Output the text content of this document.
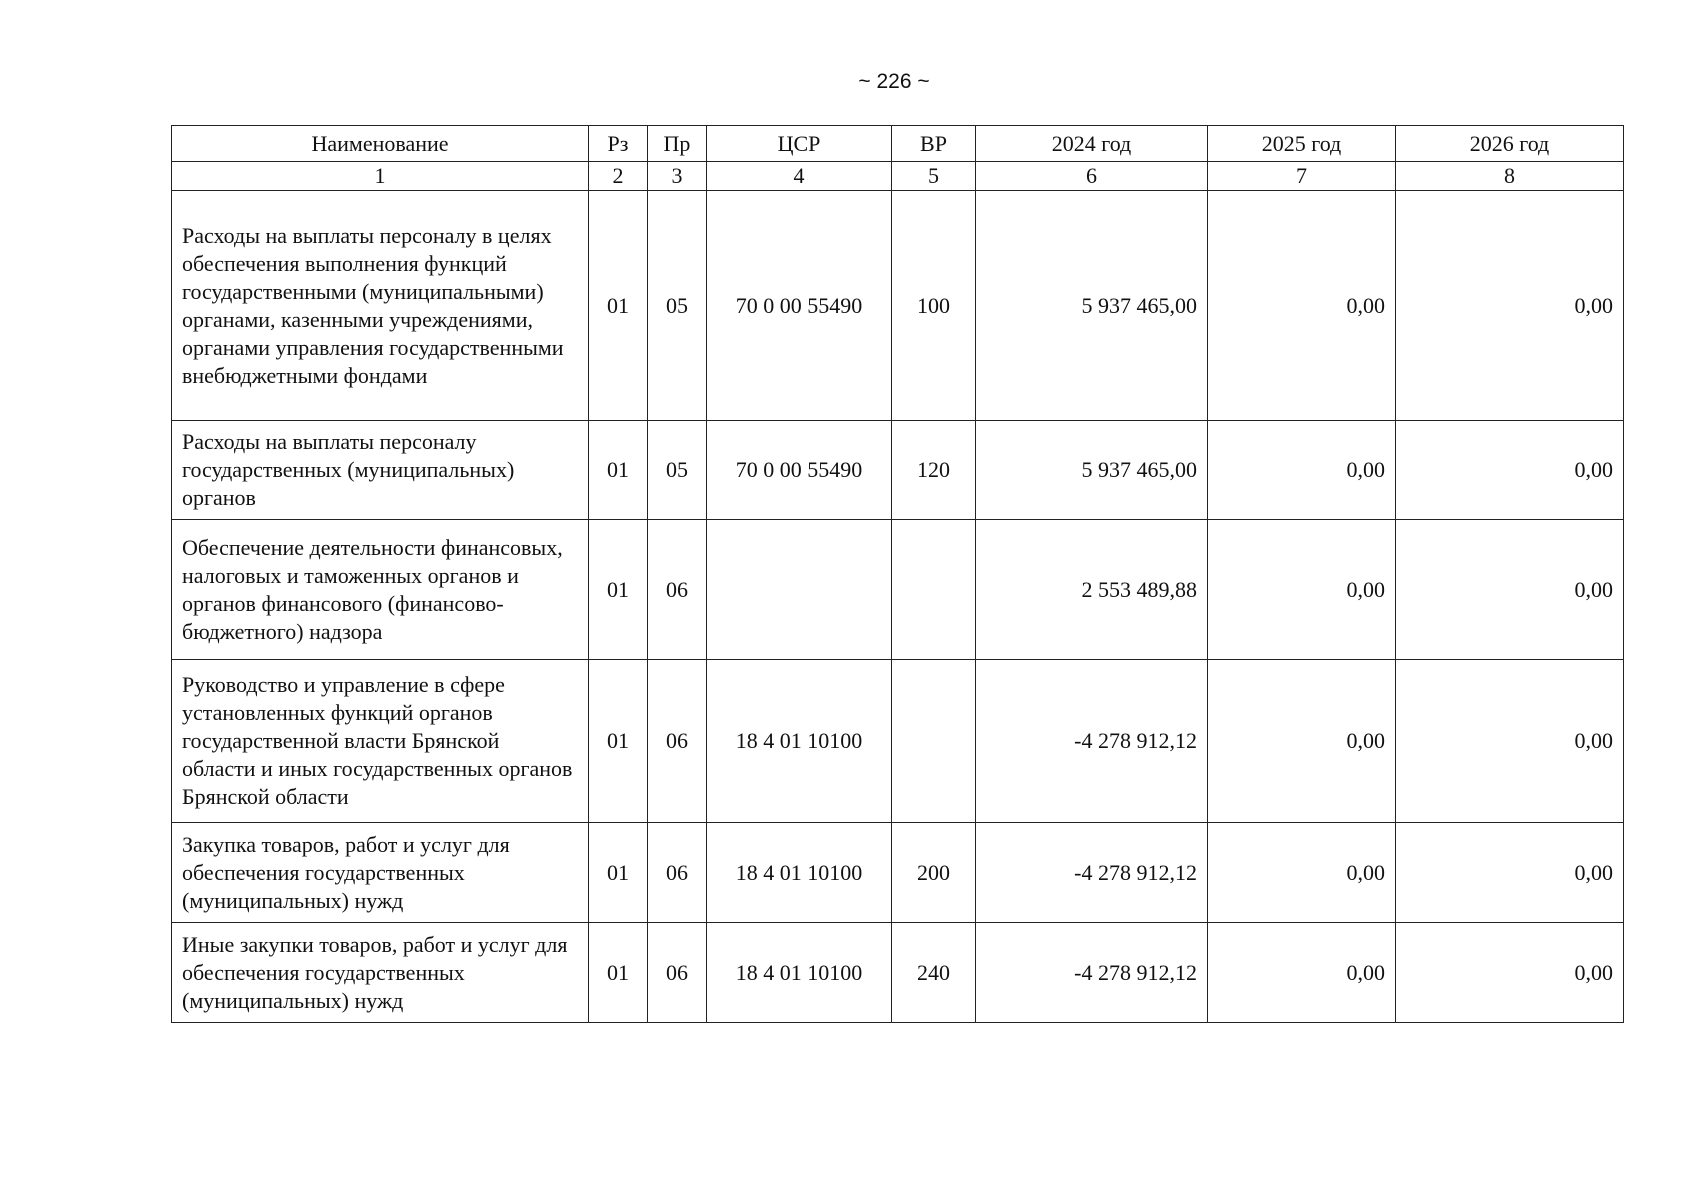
~ 226 ~
Наименование	Рз	Пр	ЦСР	ВР	2024 год	2025 год	2026 год
1	2	3	4	5	6	7	8
Расходы на выплаты персоналу в целях обеспечения выполнения функций государственными (муниципальными) органами, казенными учреждениями, органами управления государственными внебюджетными фондами	01	05	70 0 00 55490	100	5 937 465,00	0,00	0,00
Расходы на выплаты персоналу государственных (муниципальных) органов	01	05	70 0 00 55490	120	5 937 465,00	0,00	0,00
Обеспечение деятельности финансовых, налоговых и таможенных органов и органов финансового (финансово-бюджетного) надзора	01	06			2 553 489,88	0,00	0,00
Руководство и управление в сфере установленных функций органов государственной власти Брянской области и иных государственных органов Брянской области	01	06	18 4 01 10100		-4 278 912,12	0,00	0,00
Закупка товаров, работ и услуг для обеспечения государственных (муниципальных) нужд	01	06	18 4 01 10100	200	-4 278 912,12	0,00	0,00
Иные закупки товаров, работ и услуг для обеспечения государственных (муниципальных) нужд	01	06	18 4 01 10100	240	-4 278 912,12	0,00	0,00
